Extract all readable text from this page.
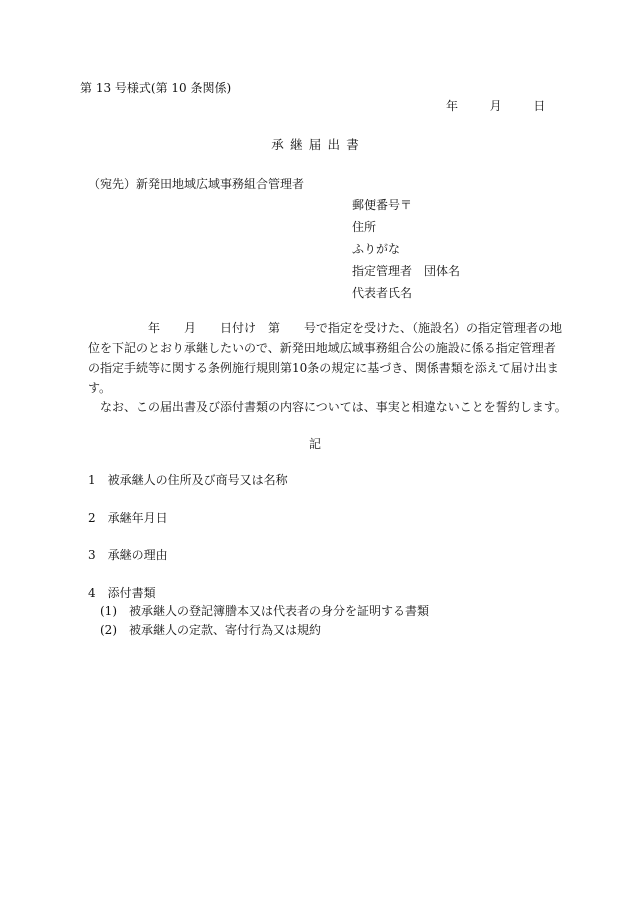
第 13 号様式(第 10 条関係)
年	月	日
承継届出書
（宛先）新発田地域広域事務組合管理者
郵便番号〒
住所
ふりがな
指定管理者　団体名
代表者氏名
　　　　　年　　月　　日付け　第　　号で指定を受けた、（施設名）の指定管理者の地
位を下記のとおり承継したいので、新発田地域広域事務組合公の施設に係る指定管理者
の指定手続等に関する条例施行規則第10条の規定に基づき、関係書類を添えて届け出ま
す。
　なお、この届出書及び添付書類の内容については、事実と相違ないことを誓約します。
記
1　被承継人の住所及び商号又は名称
2　承継年月日
3　承継の理由
4　添付書類
(1)　被承継人の登記簿謄本又は代表者の身分を証明する書類
(2)　被承継人の定款、寄付行為又は規約
